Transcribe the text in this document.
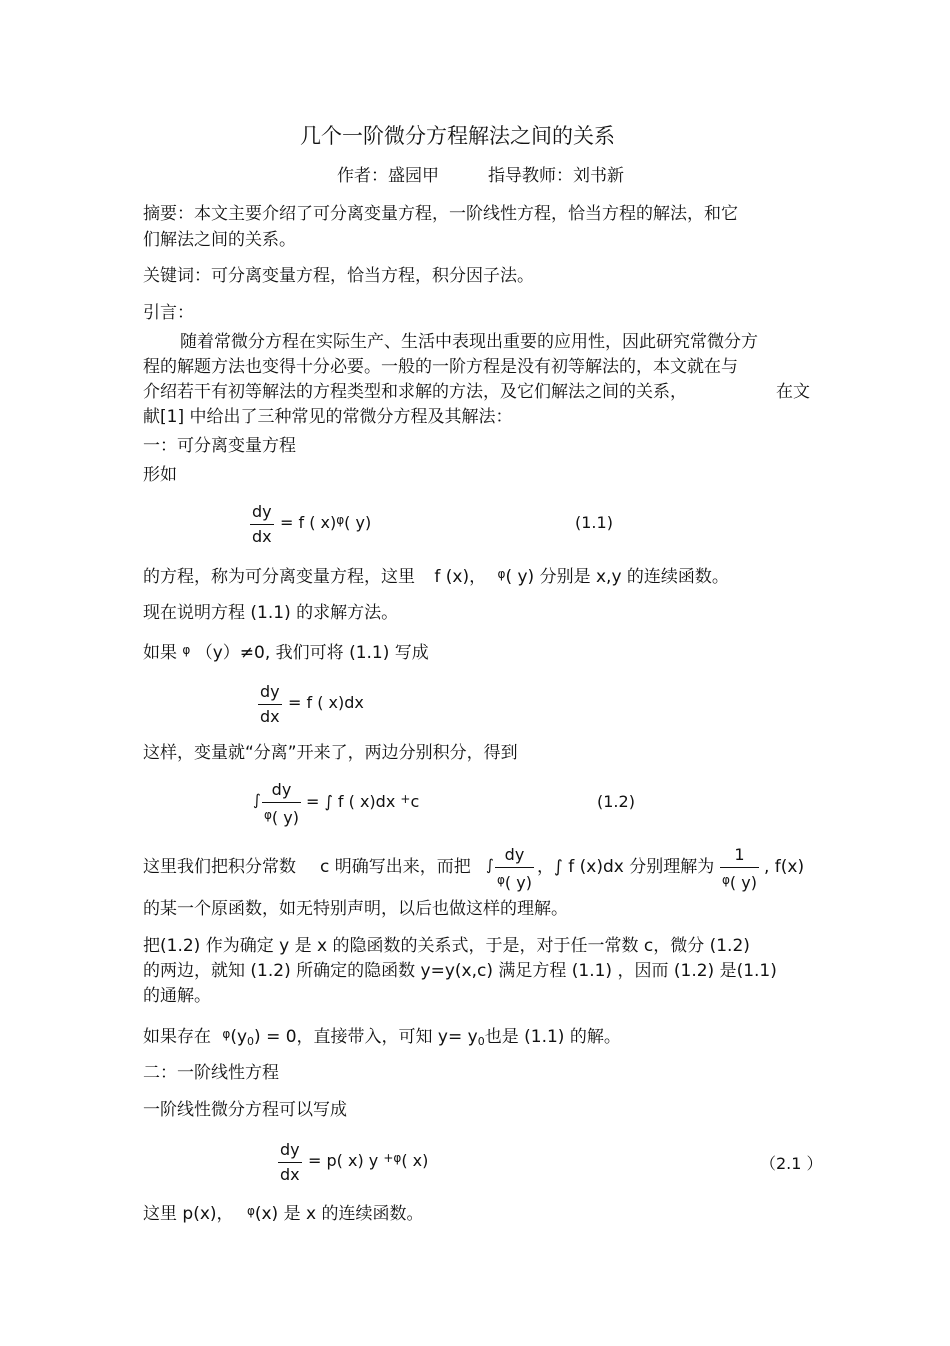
几个一阶微分方程解法之间的关系
作者：盛园甲	指导教师：刘书新
摘要：本文主要介绍了可分离变量方程，一阶线性方程，恰当方程的解法，和它
们解法之间的关系。
关键词：可分离变量方程，恰当方程，积分因子法。
引言：
随着常微分方程在实际生产、生活中表现出重要的应用性，因此研究常微分方
程的解题方法也变得十分必要。一般的一阶方程是没有初等解法的，本文就在与
介绍若干有初等解法的方程类型和求解的方法，及它们解法之间的关系，	在文
献[1] 中给出了三种常见的常微分方程及其解法：
一：可分离变量方程
形如
dy
dx
= f ( x)$^\varphi$( y)	(1.1)
的方程，称为可分离变量方程，这里 f (x)， $^\varphi$( y) 分别是 x,y 的连续函数。
现在说明方程 (1.1) 的求解方法。
如果 $^\varphi$ （y）≠0, 我们可将 (1.1) 写成
dy
dx
= f ( x)dx
这样，变量就“分离”开来了，两边分别积分，得到
∫
dy
$^\varphi$( y)
= ∫ f ( x)dx +c	(1.2)
这里我们把积分常数 c 明确写出来，而把 ∫
dy
$^\varphi$( y)
，∫ f (x)dx 分别理解为
1
$^\varphi$( y)
, f(x)
的某一个原函数，如无特别声明，以后也做这样的理解。
把(1.2) 作为确定 y 是 x 的隐函数的关系式，于是，对于任一常数 c，微分 (1.2)
的两边，就知 (1.2) 所确定的隐函数 y=y(x,c) 满足方程 (1.1) ，因而 (1.2) 是(1.1)
的通解。
如果存在 $^\varphi(y_0) = 0$，直接带入，可知 $y= y_0$也是 (1.1) 的解。
二：一阶线性方程
一阶线性微分方程可以写成
dy
dx
= p( x) y $^{+\varphi}$( x)	（2.1 ）
这里 p(x)， $^\varphi$(x) 是 x 的连续函数。
